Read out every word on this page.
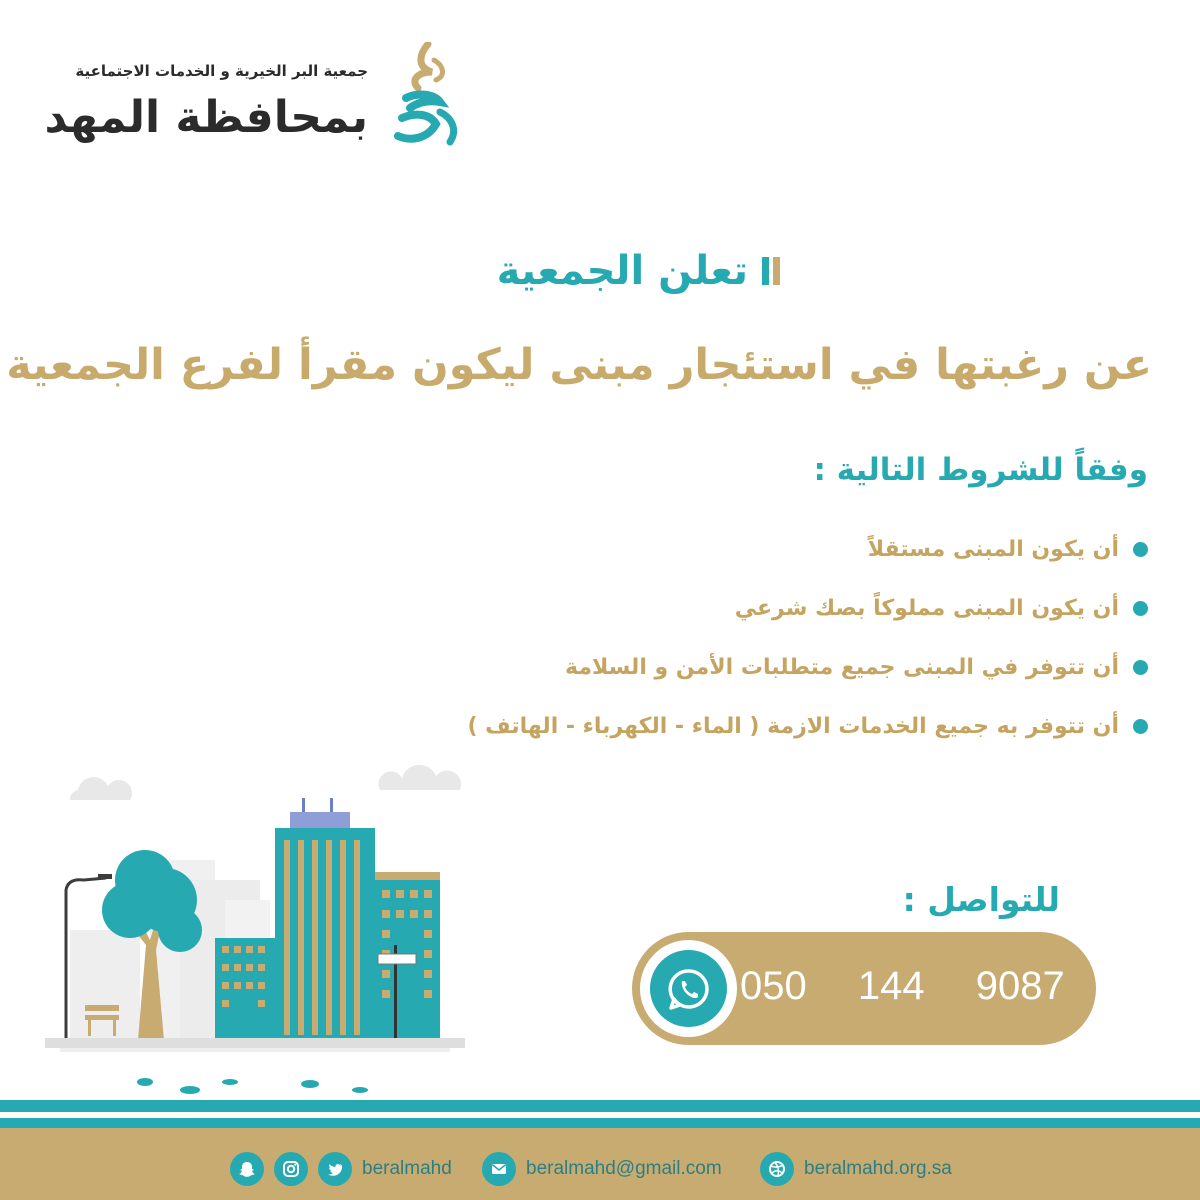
جمعية البر الخيرية و الخدمات الاجتماعية
بمحافظة المهد
تعلن الجمعية
عن رغبتها في استئجار مبنى ليكون مقرأ لفرع الجمعية
وفقاً للشروط التالية :
أن يكون المبنى مستقلاً
أن يكون المبنى مملوكاً بصك شرعي
أن تتوفر في المبنى جميع متطلبات الأمن و السلامة
أن تتوفر به جميع الخدمات الازمة ( الماء - الكهرباء - الهاتف )
للتواصل :
050 144 9087
beralmahd	beralmahd@gmail.com	beralmahd.org.sa
